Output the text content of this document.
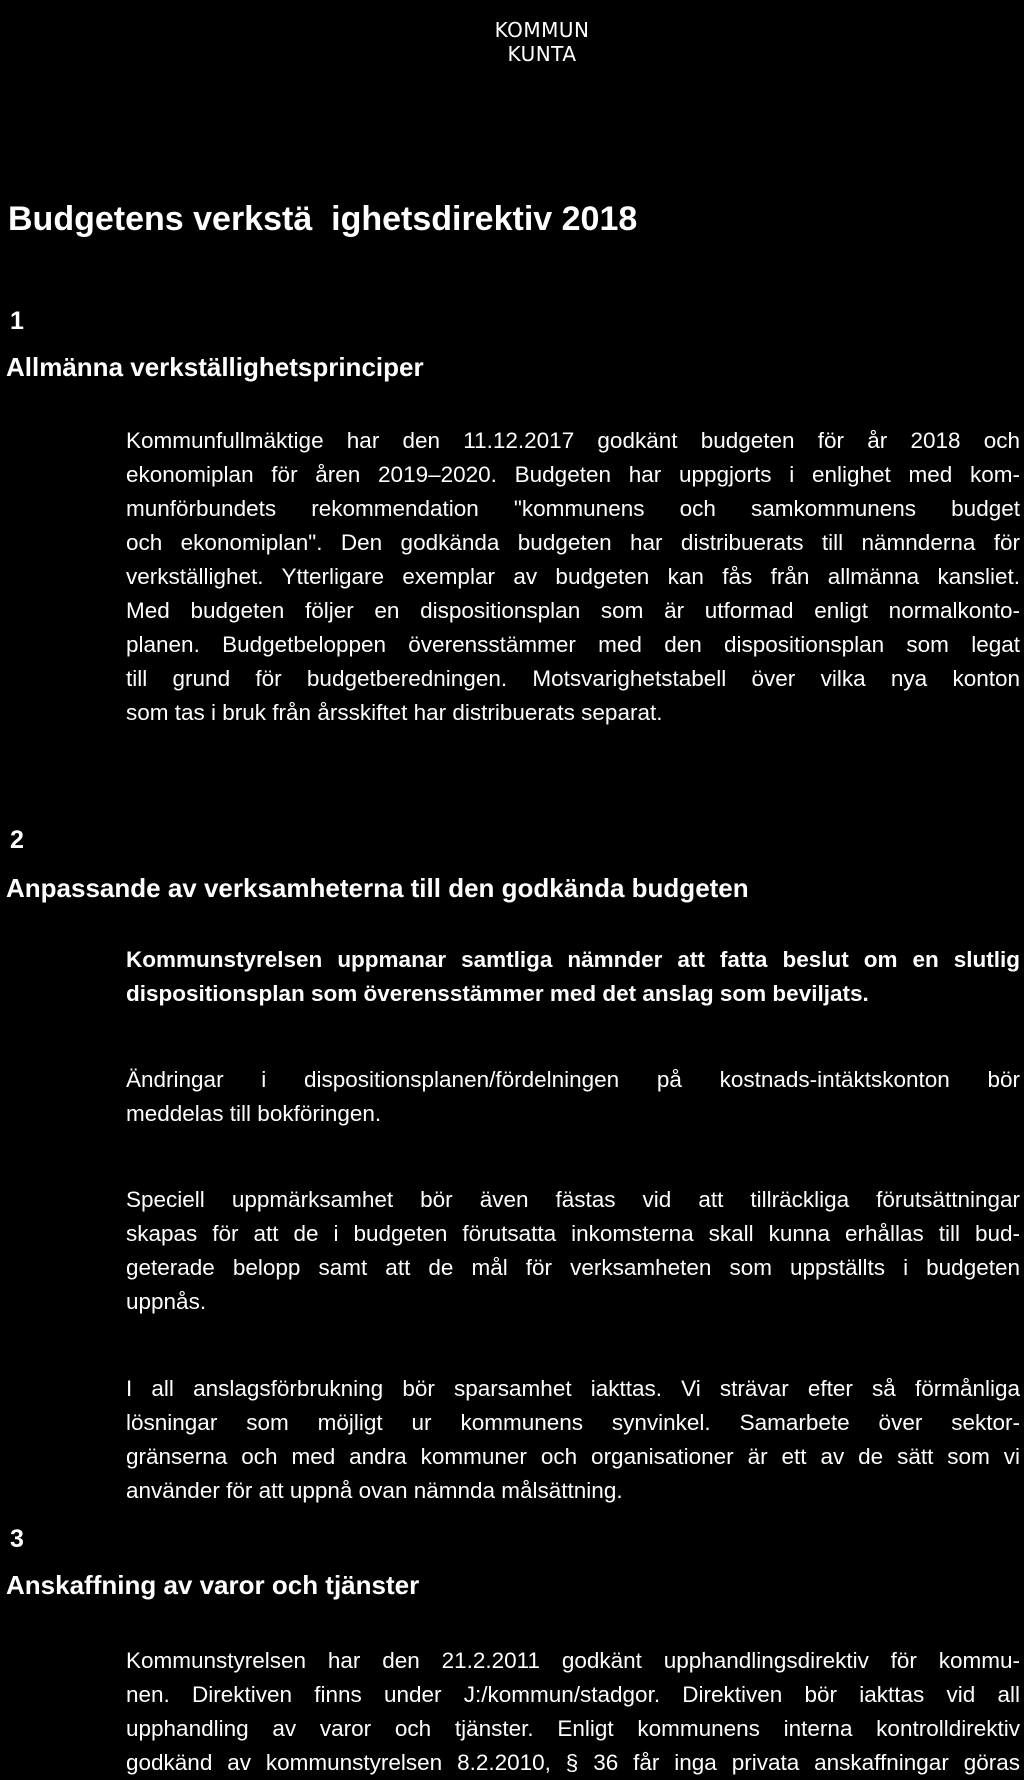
KOMMUN
KUNTA
Budgetens verkstä  ighetsdirektiv 2018
1
Allmänna verkställighetsprinciper
Kommunfullmäktige har den 11.12.2017 godkänt budgeten för år 2018 och
ekonomiplan för åren 2019–2020. Budgeten har uppgjorts i enlighet med kom-
munförbundets rekommendation "kommunens och samkommunens budget
och ekonomiplan". Den godkända budgeten har distribuerats till nämnderna för
verkställighet. Ytterligare exemplar av budgeten kan fås från allmänna kansliet.
Med budgeten följer en dispositionsplan som är utformad enligt normalkonto-
planen. Budgetbeloppen överensstämmer med den dispositionsplan som legat
till grund för budgetberedningen. Motsvarighetstabell över vilka nya konton
som tas i bruk från årsskiftet har distribuerats separat.
2
Anpassande av verksamheterna till den godkända budgeten
Kommunstyrelsen uppmanar samtliga nämnder att fatta beslut om en slutlig
dispositionsplan som överensstämmer med det anslag som beviljats.
Ändringar i dispositionsplanen/fördelningen på kostnads-intäktskonton bör
meddelas till bokföringen.
Speciell uppmärksamhet bör även fästas vid att tillräckliga förutsättningar
skapas för att de i budgeten förutsatta inkomsterna skall kunna erhållas till bud-
geterade belopp samt att de mål för verksamheten som uppställts i budgeten
uppnås.
I all anslagsförbrukning bör sparsamhet iakttas. Vi strävar efter så förmånliga
lösningar som möjligt ur kommunens synvinkel. Samarbete över sektor-
gränserna och med andra kommuner och organisationer är ett av de sätt som vi
använder för att uppnå ovan nämnda målsättning.
3
Anskaffning av varor och tjänster
Kommunstyrelsen har den 21.2.2011 godkänt upphandlingsdirektiv för kommu-
nen. Direktiven finns under J:/kommun/stadgor. Direktiven bör iakttas vid all
upphandling av varor och tjänster. Enligt kommunens interna kontrolldirektiv
godkänd av kommunstyrelsen 8.2.2010, § 36 får inga privata anskaffningar göras
